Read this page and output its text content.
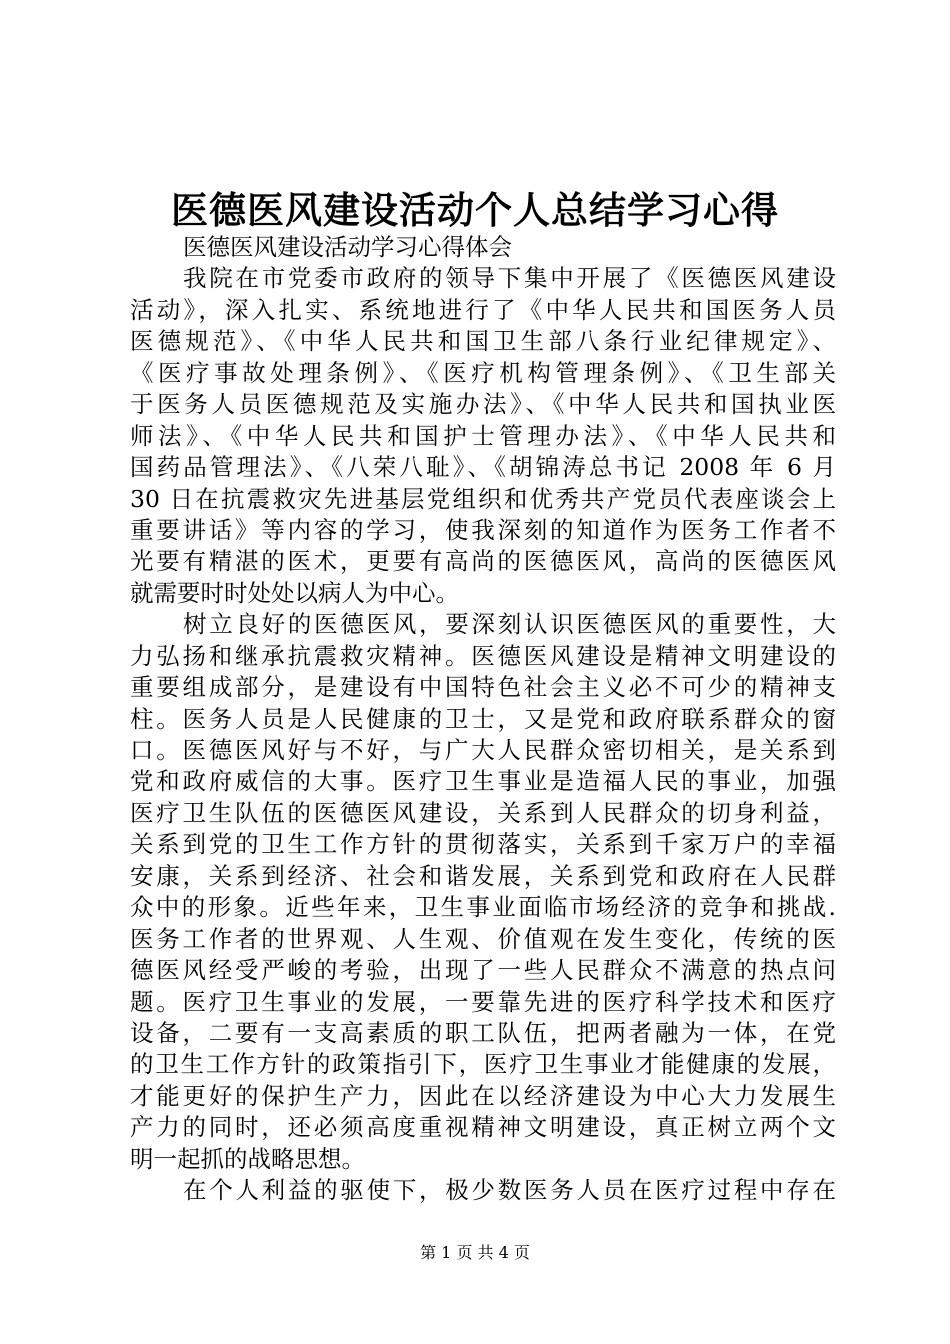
医德医风建设活动个人总结学习心得
医德医风建设活动学习心得体会
我院在市党委市政府的领导下集中开展了《医德医风建设
活动》，深入扎实、系统地进行了《中华人民共和国医务人员
医德规范》、《中华人民共和国卫生部八条行业纪律规定》、
《医疗事故处理条例》、《医疗机构管理条例》、《卫生部关
于医务人员医德规范及实施办法》、《中华人民共和国执业医
师法》、《中华人民共和国护士管理办法》、《中华人民共和
国药品管理法》、《八荣八耻》、《胡锦涛总书记 2008 年 6 月
30 日在抗震救灾先进基层党组织和优秀共产党员代表座谈会上
重要讲话》等内容的学习，使我深刻的知道作为医务工作者不
光要有精湛的医术，更要有高尚的医德医风，高尚的医德医风
就需要时时处处以病人为中心。
树立良好的医德医风，要深刻认识医德医风的重要性，大
力弘扬和继承抗震救灾精神。医德医风建设是精神文明建设的
重要组成部分，是建设有中国特色社会主义必不可少的精神支
柱。医务人员是人民健康的卫士，又是党和政府联系群众的窗
口。医德医风好与不好，与广大人民群众密切相关，是关系到
党和政府威信的大事。医疗卫生事业是造福人民的事业，加强
医疗卫生队伍的医德医风建设，关系到人民群众的切身利益，
关系到党的卫生工作方针的贯彻落实，关系到千家万户的幸福
安康，关系到经济、社会和谐发展，关系到党和政府在人民群
众中的形象。近些年来，卫生事业面临市场经济的竞争和挑战.
医务工作者的世界观、人生观、价值观在发生变化，传统的医
德医风经受严峻的考验，出现了一些人民群众不满意的热点问
题。医疗卫生事业的发展，一要靠先进的医疗科学技术和医疗
设备，二要有一支高素质的职工队伍，把两者融为一体，在党
的卫生工作方针的政策指引下，医疗卫生事业才能健康的发展，
才能更好的保护生产力，因此在以经济建设为中心大力发展生
产力的同时，还必须高度重视精神文明建设，真正树立两个文
明一起抓的战略思想。
在个人利益的驱使下，极少数医务人员在医疗过程中存在
第 1 页 共 4 页
